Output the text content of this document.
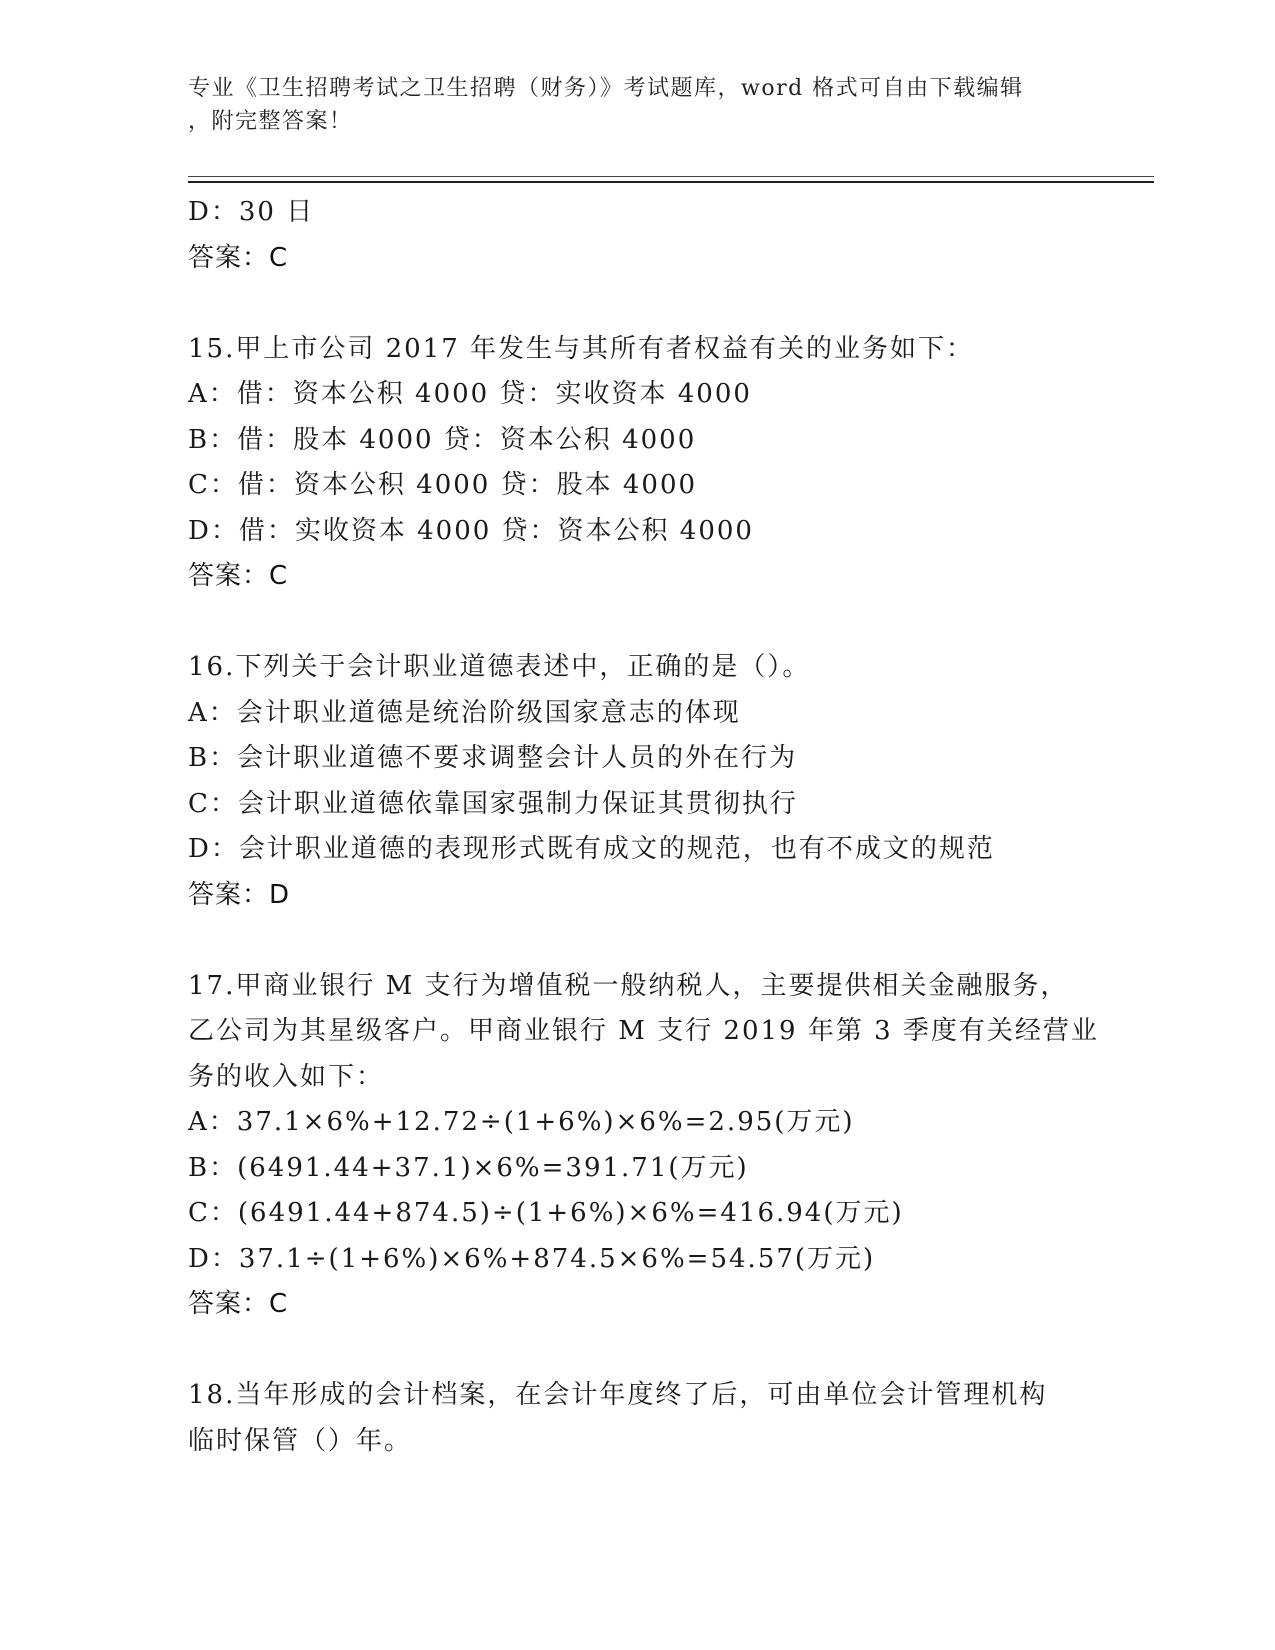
专业《卫生招聘考试之卫生招聘（财务）》考试题库，word 格式可自由下载编辑
，附完整答案！
D：30 日
答案：C
15.甲上市公司 2017 年发生与其所有者权益有关的业务如下：
A：借：资本公积 4000 贷：实收资本 4000
B：借：股本 4000 贷：资本公积 4000
C：借：资本公积 4000 贷：股本 4000
D：借：实收资本 4000 贷：资本公积 4000
答案：C
16.下列关于会计职业道德表述中，正确的是（）。
A：会计职业道德是统治阶级国家意志的体现
B：会计职业道德不要求调整会计人员的外在行为
C：会计职业道德依靠国家强制力保证其贯彻执行
D：会计职业道德的表现形式既有成文的规范，也有不成文的规范
答案：D
17.甲商业银行 M 支行为增值税一般纳税人，主要提供相关金融服务，
乙公司为其星级客户。甲商业银行 M 支行 2019 年第 3 季度有关经营业
务的收入如下：
A：37.1×6%+12.72÷(1+6%)×6%=2.95(万元)
B：(6491.44+37.1)×6%=391.71(万元)
C：(6491.44+874.5)÷(1+6%)×6%=416.94(万元)
D：37.1÷(1+6%)×6%+874.5×6%=54.57(万元)
答案：C
18.当年形成的会计档案，在会计年度终了后，可由单位会计管理机构
临时保管（）年。
